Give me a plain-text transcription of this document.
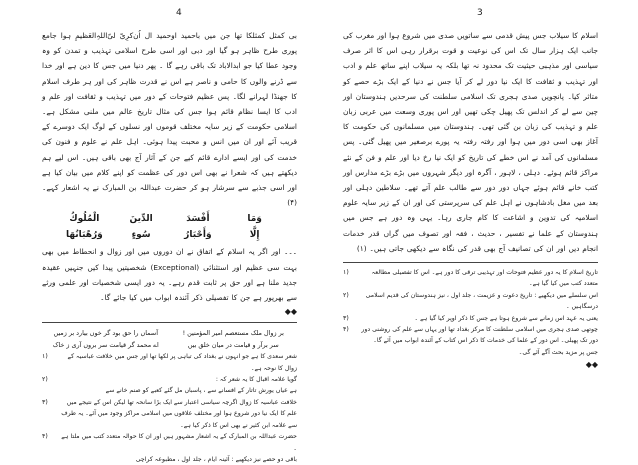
4

بی کمثل کمثلکا تھا جن میں باحمید اوحمید ال اُن‌کرِیّ لیّ‌اللہِ‌العَظیمِ ہوا جامع پوری طرح ظاہر ہو گیا اور دبی اور اسی طرح اسلامی تہذیب و تمدن کو وہ وجود عطا کیا جو ابدالاباد تک باقی رہے گا ۔ پھر دنیا میں جس کا دین ہے اور خدا سے ڈرنے والوں کا حامی و ناصر ہے اس نے قدرت ظاہر کی اور ہر طرف اسلام کا جھنڈا لہرانے لگا۔ پس عظیم فتوحات کے دور میں تہذیب و ثقافت اور علم و ادب کا ایسا نظام قائم ہوا جس کی مثال تاریخ عالم میں ملنی مشکل ہے۔ اسلامی حکومت کے زیر سایہ مختلف قوموں اور نسلوں کے لوگ ایک دوسرے کے قریب آئے اور ان میں انس و محبت پیدا ہوئی۔ اہل علم نے علوم و فنون کی خدمت کی اور ایسے ادارے قائم کیے جن کے آثار آج بھی باقی ہیں۔ اس لیے ہم دیکھتے ہیں کہ شعرا نے بھی اس دور کی عظمت کو اپنے کلام میں بیان کیا ہے اور اسی جذبے سے سرشار ہو کر حضرت عبداللہ بن المبارک نے یہ اشعار کہے۔ (۴)

وَمَا
أَفْسَدَ
الدِّينَ
الْمُلُوكُ
إِلَّا
وَأَحْبَارُ
سُوءٍ
وَرُهْبَانُهَا

۔۔۔ اور اگر یہ اسلام کے اتفاق نے ان دوروں میں اور زوال و انحطاط میں بھی بہت سی عظیم اور استثنائی (Exceptional) شخصیتیں پیدا کیں جنہیں عقیدہ جدید ملنا ہے اور حق پر ثابت قدم رہے۔ یہ دور ایسی شخصیات اور علمی ورثے سے بھرپور ہے جن کا تفصیلی ذکر آئندہ ابواب میں کیا جائے گا۔

◆◆
بر زوال ملک مستعصم امیر المؤمنین !
آسماں را حق بود گر خوں بیارد بر زمیں
سر برآر و قیامت در میان خلق بیں
اے محمد گر قیامت سر بروں آری ز خاک
شعر سعدی کا ہے جو انہوں نے بغداد کی تباہی پر لکھا تھا اور جس میں خلافت عباسیہ کے زوال کا نوحہ ہے۔
(۱
گویا علامہ اقبال کا یہ شعر کہ :
(۲
ہے عیاں یورش تاتار کے افسانے سے ، پاسباں مل گئے کعبے کو صنم خانے سے
خلافت عباسیہ کا زوال اگرچہ سیاسی اعتبار سے ایک بڑا سانحہ تھا لیکن اس کے نتیجے میں علم کا ایک نیا دور شروع ہوا اور مختلف علاقوں میں اسلامی مراکز وجود میں آئے۔ یہ طرف سے علامہ ابن کثیر نے بھی اس کا ذکر کیا ہے۔
(۳
حضرت عبداللہ بن المبارک کے یہ اشعار مشہور ہیں اور ان کا حوالہ متعدد کتب میں ملتا ہے ۔
(۴
باقی دو حصے نیز دیکھیے : آئینہ ایام ، جلد اول ، مطبوعہ کراچی
3

اسلام کا سیلاب جس پیش قدمی سے ساتویں صدی میں شروع ہوا اور مغرب کی جانب ایک ہزار سال تک اس کی نوعیت و قوت برقرار رہی اس کا اثر صرف سیاسی اور مذہبی حیثیت تک محدود نہ تھا بلکہ یہ سیلاب اپنے ساتھ علم و ادب اور تہذیب و ثقافت کا ایک نیا دور لے کر آیا جس نے دنیا کے ایک بڑے حصے کو متاثر کیا۔ پانچویں صدی ہجری تک اسلامی سلطنت کی سرحدیں ہندوستان اور چین سے لے کر اندلس تک پھیل چکی تھیں اور اس پوری وسعت میں عربی زبان علم و تہذیب کی زبان بن گئی تھی۔ ہندوستان میں مسلمانوں کی حکومت کا آغاز بھی اسی دور میں ہوا اور رفتہ رفتہ یہ پورے برصغیر میں پھیل گئی۔ پس مسلمانوں کی آمد نے اس خطے کی تاریخ کو ایک نیا رخ دیا اور علم و فن کے نئے مراکز قائم ہوئے۔ دہلی ، لاہور ، آگرہ اور دیگر شہروں میں بڑے بڑے مدارس اور کتب خانے قائم ہوئے جہاں دور دور سے طالب علم آتے تھے۔ سلاطین دہلی اور بعد میں مغل بادشاہوں نے اہل علم کی سرپرستی کی اور ان کے زیر سایہ علوم اسلامیہ کی تدوین و اشاعت کا کام جاری رہا۔ یہی وہ دور ہے جس میں ہندوستان کے علما نے تفسیر ، حدیث ، فقہ اور تصوف میں گراں قدر خدمات انجام دیں اور ان کی تصانیف آج بھی قدر کی نگاہ سے دیکھی جاتی ہیں۔ (۱)

تاریخ اسلام کا یہ دور عظیم فتوحات اور تہذیبی ترقی کا دور ہے۔ اس کا تفصیلی مطالعہ متعدد کتب میں کیا گیا ہے۔
(۱
اس سلسلے میں دیکھیے : تاریخ دعوت و عزیمت ، جلد اول ، نیز ہندوستان کی قدیم اسلامی درسگاہیں ۔
(۲
یعنی یہ عہد اس زمانے سے شروع ہوتا ہے جس کا ذکر اوپر کیا گیا ہے ۔
(۳
چوتھی صدی ہجری میں اسلامی سلطنت کا مرکز بغداد تھا اور یہاں سے علم کی روشنی دور دور تک پھیلی۔ اس دور کے علما کی خدمات کا ذکر اس کتاب کے آئندہ ابواب میں آئے گا۔ جس پر مزید بحث آگے آئے گی۔
(۴
◆◆
